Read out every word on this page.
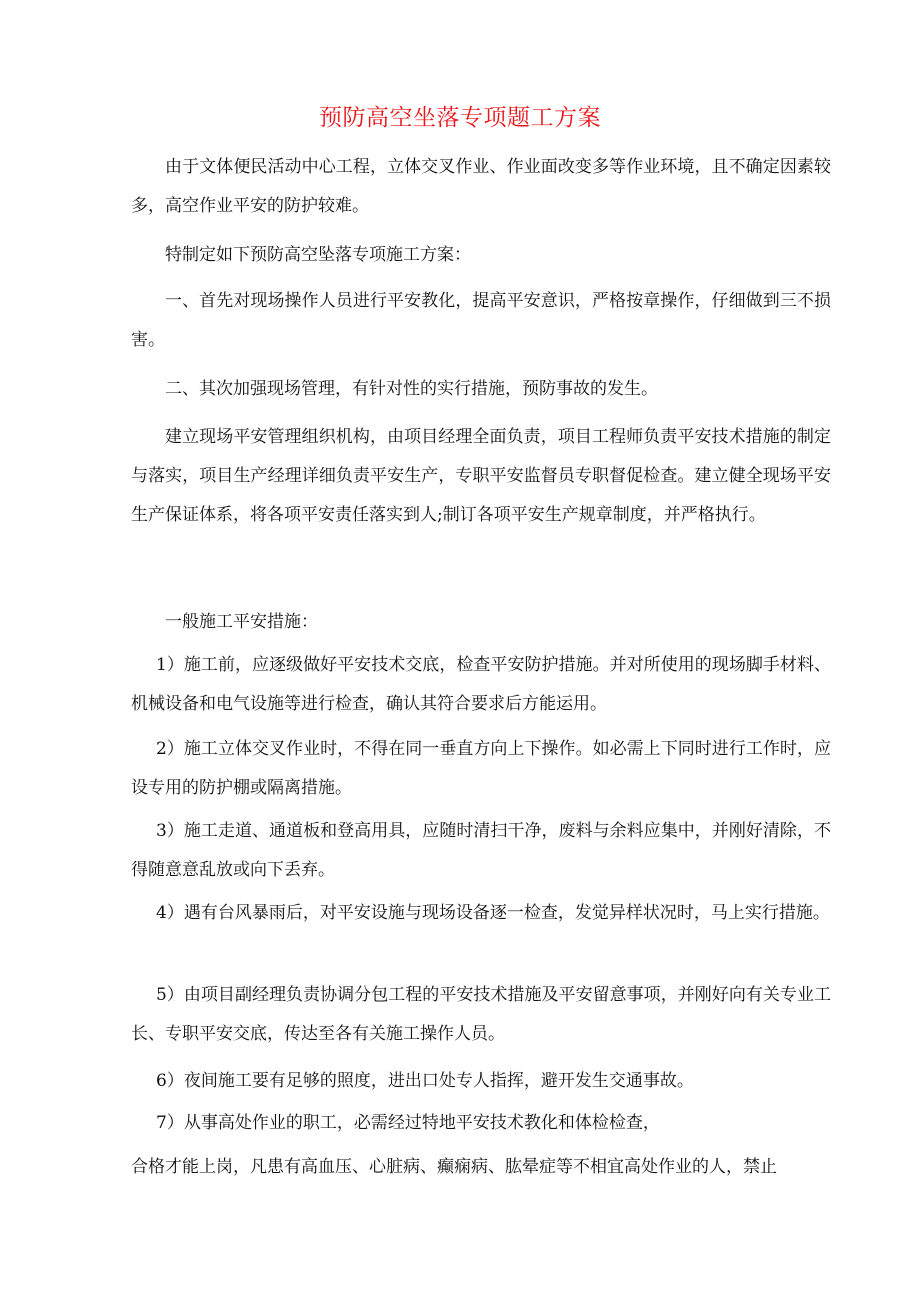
预防高空坐落专项题工方案

由于文体便民活动中心工程，立体交叉作业、作业面改变多等作业环境，且不确定因素较多，高空作业平安的防护较难。

特制定如下预防高空坠落专项施工方案：

一、首先对现场操作人员进行平安教化，提高平安意识，严格按章操作，仔细做到三不损害。

二、其次加强现场管理，有针对性的实行措施，预防事故的发生。

建立现场平安管理组织机构，由项目经理全面负责，项目工程师负责平安技术措施的制定与落实，项目生产经理详细负责平安生产，专职平安监督员专职督促检查。建立健全现场平安生产保证体系，将各项平安责任落实到人;制订各项平安生产规章制度，并严格执行。

一般施工平安措施：

1）施工前，应逐级做好平安技术交底，检查平安防护措施。并对所使用的现场脚手材料、机械设备和电气设施等进行检查，确认其符合要求后方能运用。

2）施工立体交叉作业时，不得在同一垂直方向上下操作。如必需上下同时进行工作时，应设专用的防护棚或隔离措施。

3）施工走道、通道板和登高用具，应随时清扫干净，废料与余料应集中，并刚好清除，不得随意意乱放或向下丢弃。

4）遇有台风暴雨后，对平安设施与现场设备逐一检查，发觉异样状况时，马上实行措施。

5）由项目副经理负责协调分包工程的平安技术措施及平安留意事项，并刚好向有关专业工长、专职平安交底，传达至各有关施工操作人员。

6）夜间施工要有足够的照度，进出口处专人指挥，避开发生交通事故。

7）从事高处作业的职工，必需经过特地平安技术教化和体检检查，

合格才能上岗，凡患有高血压、心脏病、癫痫病、肱晕症等不相宜高处作业的人，禁止
